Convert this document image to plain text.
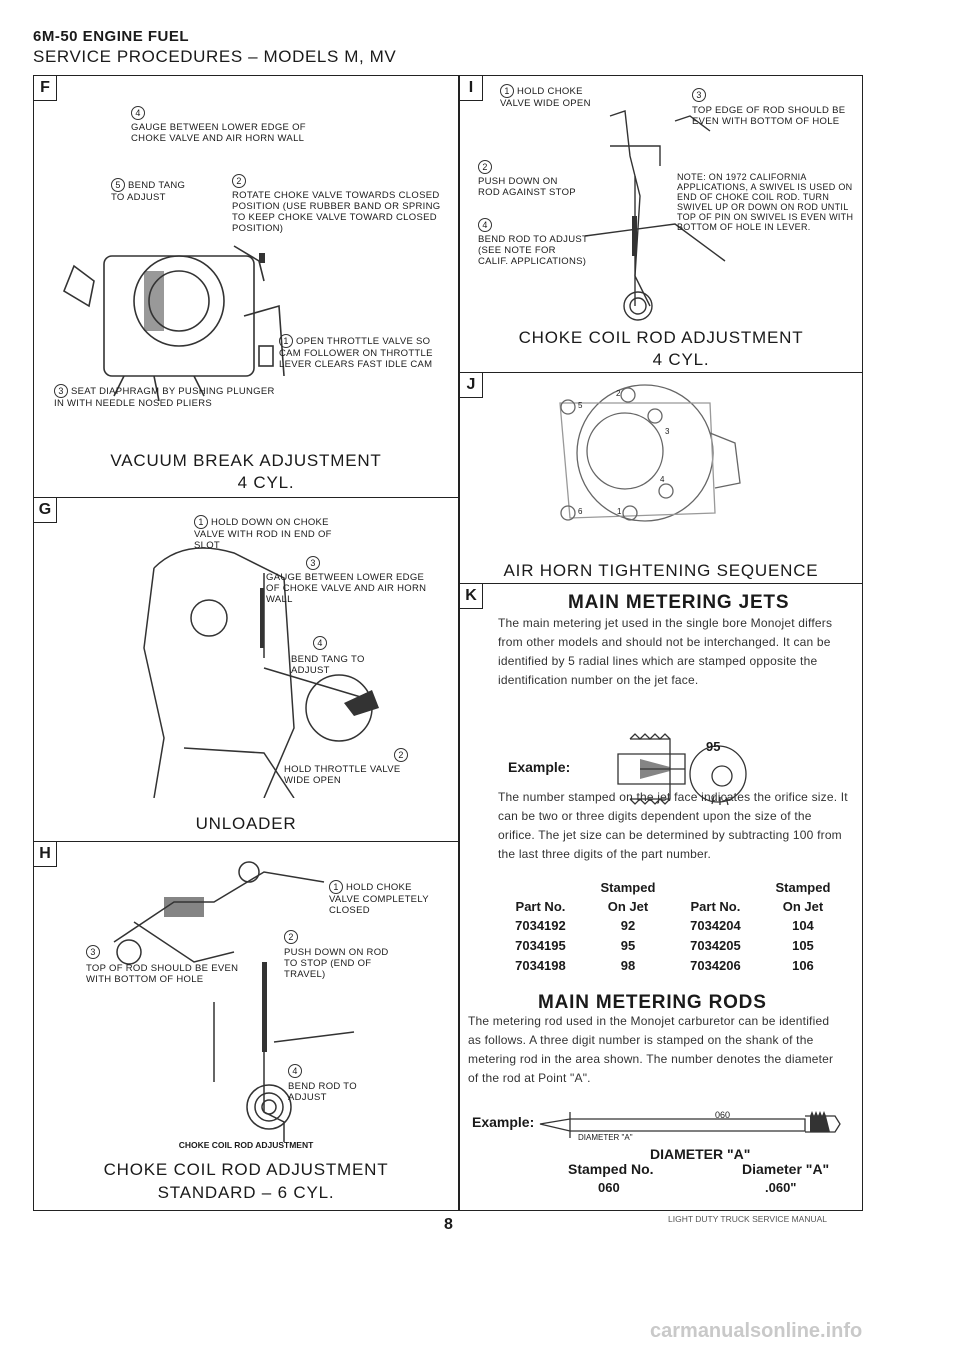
6M-50 ENGINE FUEL
SERVICE PROCEDURES – MODELS M, MV
F
4
GAUGE BETWEEN LOWER EDGE OF CHOKE VALVE AND AIR HORN WALL
5 BEND TANG TO ADJUST
2
ROTATE CHOKE VALVE TOWARDS CLOSED POSITION (USE RUBBER BAND OR SPRING TO KEEP CHOKE VALVE TOWARD CLOSED POSITION)
1 OPEN THROTTLE VALVE SO CAM FOLLOWER ON THROTTLE LEVER CLEARS FAST IDLE CAM
3 SEAT DIAPHRAGM BY PUSHING PLUNGER IN WITH NEEDLE NOSED PLIERS
VACUUM BREAK ADJUSTMENT
4 CYL.
G
1 HOLD DOWN ON CHOKE VALVE WITH ROD IN END OF SLOT
3
GAUGE BETWEEN LOWER EDGE OF CHOKE VALVE AND AIR HORN WALL
4
BEND TANG TO ADJUST
2
HOLD THROTTLE VALVE WIDE OPEN
UNLOADER
H
1 HOLD CHOKE VALVE COMPLETELY CLOSED
3
TOP OF ROD SHOULD BE EVEN WITH BOTTOM OF HOLE
2
PUSH DOWN ON ROD TO STOP (END OF TRAVEL)
4
BEND ROD TO ADJUST
CHOKE COIL ROD ADJUSTMENT
CHOKE COIL ROD ADJUSTMENT
STANDARD – 6 CYL.
I	1 HOLD CHOKE VALVE WIDE OPEN
3
TOP EDGE OF ROD SHOULD BE EVEN WITH BOTTOM OF HOLE
2
PUSH DOWN ON ROD AGAINST STOP
NOTE: ON 1972 CALIFORNIA APPLICATIONS, A SWIVEL IS USED ON END OF CHOKE COIL ROD. TURN SWIVEL UP OR DOWN ON ROD UNTIL TOP OF PIN ON SWIVEL IS EVEN WITH BOTTOM OF HOLE IN LEVER.
4
BEND ROD TO ADJUST (SEE NOTE FOR CALIF. APPLICATIONS)
CHOKE COIL ROD ADJUSTMENT
4 CYL.
J
5
2
3
4
6	1
AIR HORN TIGHTENING SEQUENCE
K	MAIN METERING JETS
The main metering jet used in the single bore Monojet differs from other models and should not be interchanged. It can be identified by 5 radial lines which are stamped opposite the identification number on the jet face.
Example:
95
The number stamped on the jet face indicates the orifice size. It can be two or three digits dependent upon the size of the orifice. The jet size can be determined by subtracting 100 from the last three digits of the part number.
	Stamped		Stamped
Part No.	On Jet	Part No.	On Jet
7034192	92	7034204	104
7034195	95	7034205	105
7034198	98	7034206	106
MAIN METERING RODS
The metering rod used in the Monojet carburetor can be identified as follows. A three digit number is stamped on the shank of the metering rod in the area shown. The number denotes the diameter of the rod at Point "A".
Example:	060
DIAMETER "A"
DIAMETER "A"
Stamped No.	Diameter "A"
060	.060"
8	LIGHT DUTY TRUCK SERVICE MANUAL
carmanualsonline.info
